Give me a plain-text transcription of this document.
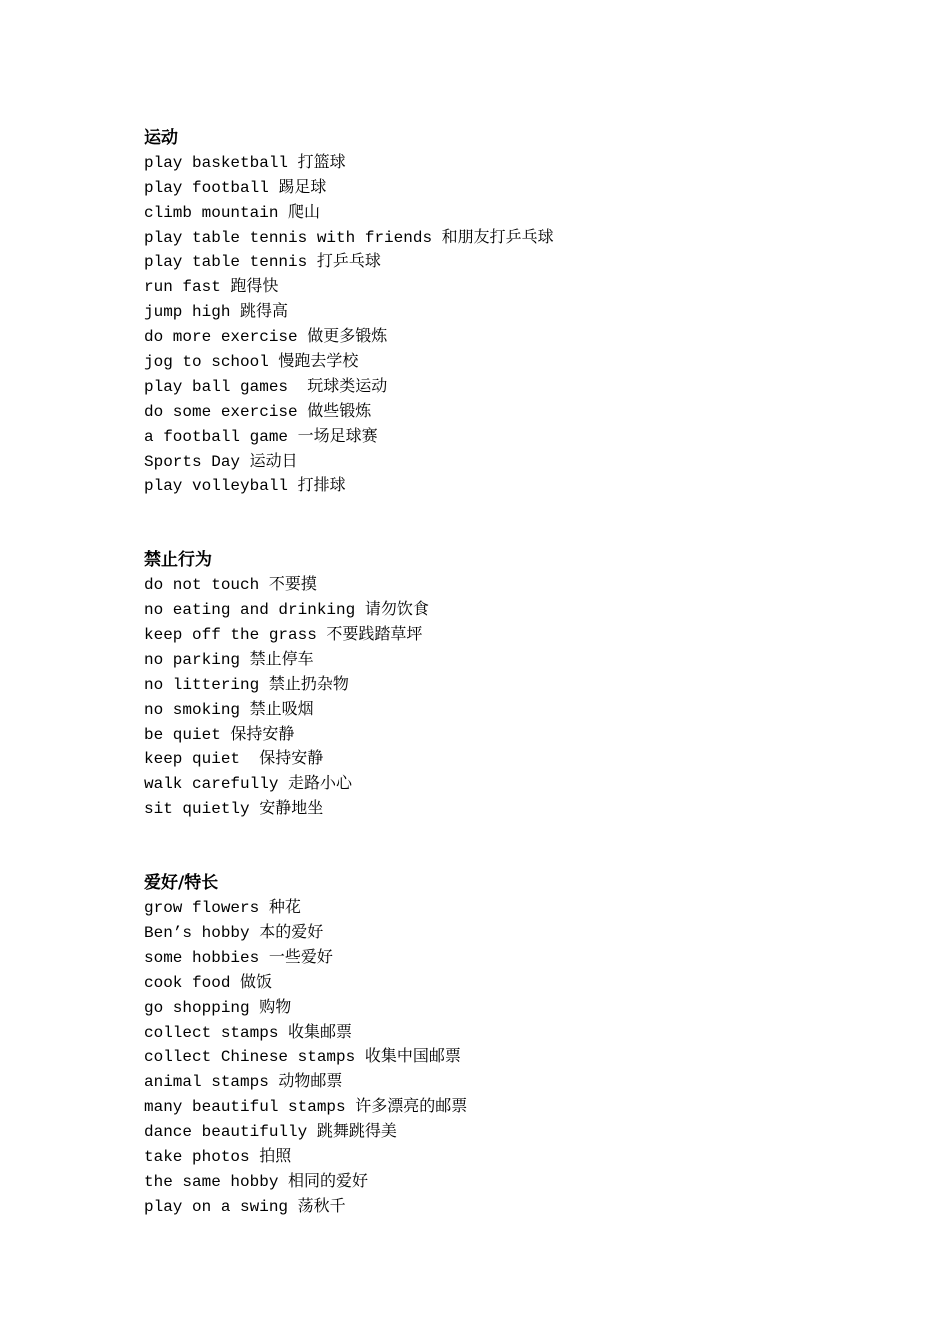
运动
play basketball 打篮球
play football 踢足球
climb mountain 爬山
play table tennis with friends 和朋友打乒乓球
play table tennis 打乒乓球
run fast 跑得快
jump high 跳得高
do more exercise 做更多锻炼
jog to school 慢跑去学校
play ball games  玩球类运动
do some exercise 做些锻炼
a football game 一场足球赛
Sports Day 运动日
play volleyball 打排球
禁止行为
do not touch 不要摸
no eating and drinking 请勿饮食
keep off the grass 不要践踏草坪
no parking 禁止停车
no littering 禁止扔杂物
no smoking 禁止吸烟
be quiet 保持安静
keep quiet  保持安静
walk carefully 走路小心
sit quietly 安静地坐
爱好/特长
grow flowers 种花
Ben’s hobby 本的爱好
some hobbies 一些爱好
cook food 做饭
go shopping 购物
collect stamps 收集邮票
collect Chinese stamps 收集中国邮票
animal stamps 动物邮票
many beautiful stamps 许多漂亮的邮票
dance beautifully 跳舞跳得美
take photos 拍照
the same hobby 相同的爱好
play on a swing 荡秋千
